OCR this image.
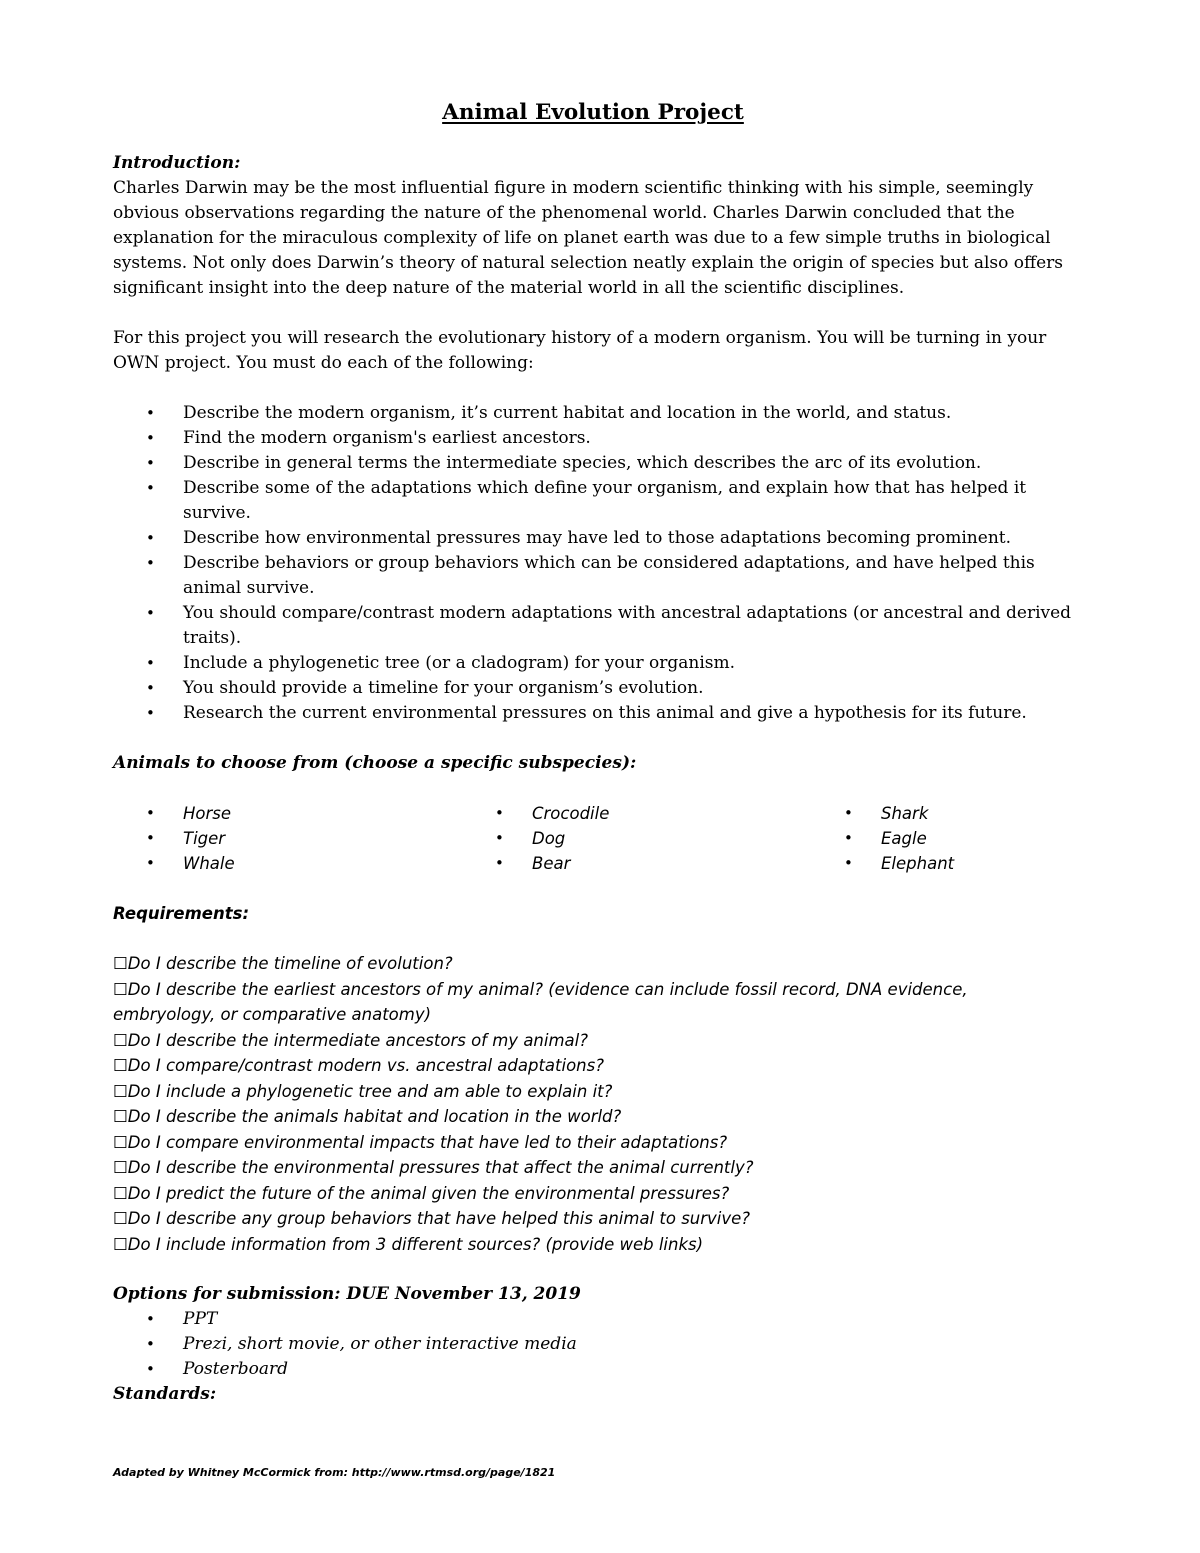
Animal Evolution Project
Introduction:
Charles Darwin may be the most influential figure in modern scientific thinking with his simple, seemingly
obvious observations regarding the nature of the phenomenal world. Charles Darwin concluded that the
explanation for the miraculous complexity of life on planet earth was due to a few simple truths in biological
systems. Not only does Darwin’s theory of natural selection neatly explain the origin of species but also offers
significant insight into the deep nature of the material world in all the scientific disciplines.
For this project you will research the evolutionary history of a modern organism. You will be turning in your
OWN project. You must do each of the following:
• Describe the modern organism, it’s current habitat and location in the world, and status.
• Find the modern organism's earliest ancestors.
• Describe in general terms the intermediate species, which describes the arc of its evolution.
• Describe some of the adaptations which define your organism, and explain how that has helped it
survive.
• Describe how environmental pressures may have led to those adaptations becoming prominent.
• Describe behaviors or group behaviors which can be considered adaptations, and have helped this
animal survive.
• You should compare/contrast modern adaptations with ancestral adaptations (or ancestral and derived
traits).
• Include a phylogenetic tree (or a cladogram) for your organism.
• You should provide a timeline for your organism’s evolution.
• Research the current environmental pressures on this animal and give a hypothesis for its future.
Animals to choose from (choose a specific subspecies):
• Horse
• Tiger
• Whale
• Crocodile
• Dog
• Bear
• Shark
• Eagle
• Elephant
Requirements:
☐Do I describe the timeline of evolution?
☐Do I describe the earliest ancestors of my animal? (evidence can include fossil record, DNA evidence,
embryology, or comparative anatomy)
☐Do I describe the intermediate ancestors of my animal?
☐Do I compare/contrast modern vs. ancestral adaptations?
☐Do I include a phylogenetic tree and am able to explain it?
☐Do I describe the animals habitat and location in the world?
☐Do I compare environmental impacts that have led to their adaptations?
☐Do I describe the environmental pressures that affect the animal currently?
☐Do I predict the future of the animal given the environmental pressures?
☐Do I describe any group behaviors that have helped this animal to survive?
☐Do I include information from 3 different sources? (provide web links)
Options for submission: DUE November 13, 2019
• PPT
• Prezi, short movie, or other interactive media
• Posterboard
Standards:
Adapted by Whitney McCormick from: http://www.rtmsd.org/page/1821
